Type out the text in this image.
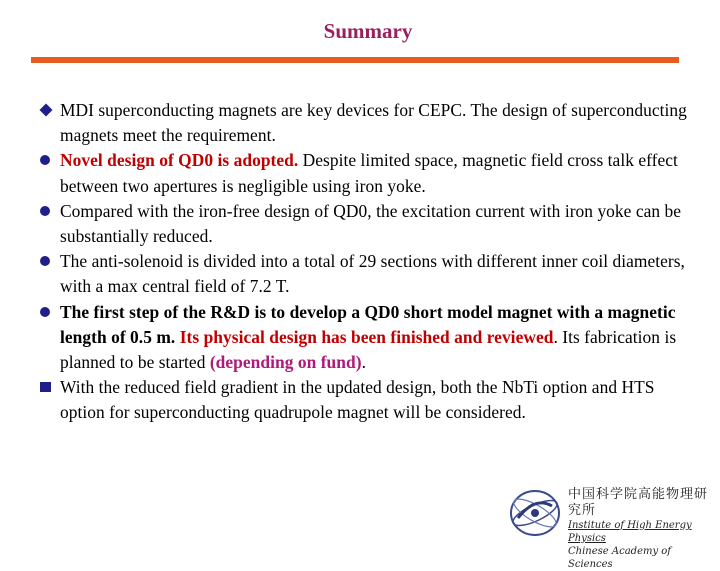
Summary
MDI superconducting magnets are key devices for CEPC. The design of superconducting magnets meet the requirement.
Novel design of QD0 is adopted. Despite limited space, magnetic field cross talk effect between two apertures is negligible using iron yoke.
Compared with the iron-free design of QD0, the excitation current with iron yoke can be substantially reduced.
The anti-solenoid is divided into a total of 29 sections with different inner coil diameters, with a max central field of 7.2 T.
The first step of the R&D is to develop a QD0 short model magnet with a magnetic length of 0.5 m. Its physical design has been finished and reviewed. Its fabrication is planned to be started (depending on fund).
With the reduced field gradient in the updated design, both the NbTi option and HTS option for superconducting quadrupole magnet will be considered.
中国科学院高能物理研究所
Institute of High Energy Physics
Chinese Academy of Sciences
